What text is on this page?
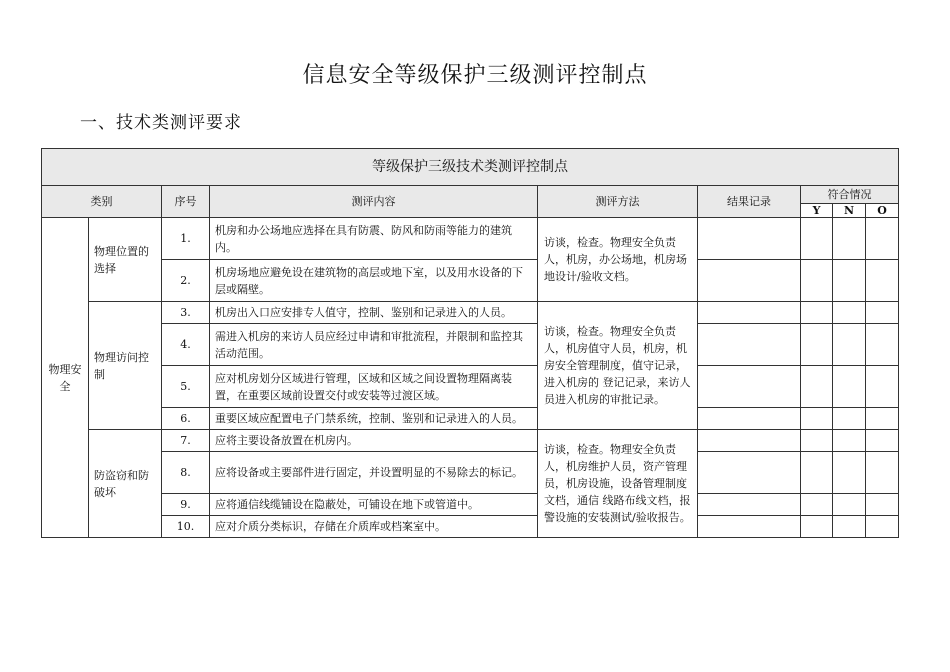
信息安全等级保护三级测评控制点
一、技术类测评要求
等级保护三级技术类测评控制点								
类别		序号	测评内容	测评方法	结果记录	符合情况		
						Y	N	O
物理安全	物理位置的选择	1.	机房和办公场地应选择在具有防震、防风和防雨等能力的建筑内。	访谈，检查。物理安全负责人，机房，办公场地，机房场地设计/验收文档。				
		2.	机房场地应避免设在建筑物的高层或地下室，以及用水设备的下层或隔壁。					
	物理访问控制	3.	机房出入口应安排专人值守，控制、鉴别和记录进入的人员。	访谈，检查。物理安全负责人，机房值守人员，机房，机房安全管理制度，值守记录，进入机房的 登记记录，来访人员进入机房的审批记录。				
		4.	需进入机房的来访人员应经过申请和审批流程，并限制和监控其活动范围。					
		5.	应对机房划分区域进行管理，区域和区域之间设置物理隔离装置，在重要区域前设置交付或安装等过渡区域。					
		6.	重要区域应配置电子门禁系统，控制、鉴别和记录进入的人员。					
	防盗窃和防破坏	7.	应将主要设备放置在机房内。	访谈，检查。物理安全负责人，机房维护人员，资产管理员，机房设施，设备管理制度文档，通信 线路布线文档，报警设施的安装测试/验收报告。				
		8.	应将设备或主要部件进行固定，并设置明显的不易除去的标记。					
		9.	应将通信线缆铺设在隐蔽处，可铺设在地下或管道中。					
		10.	应对介质分类标识，存储在介质库或档案室中。					
